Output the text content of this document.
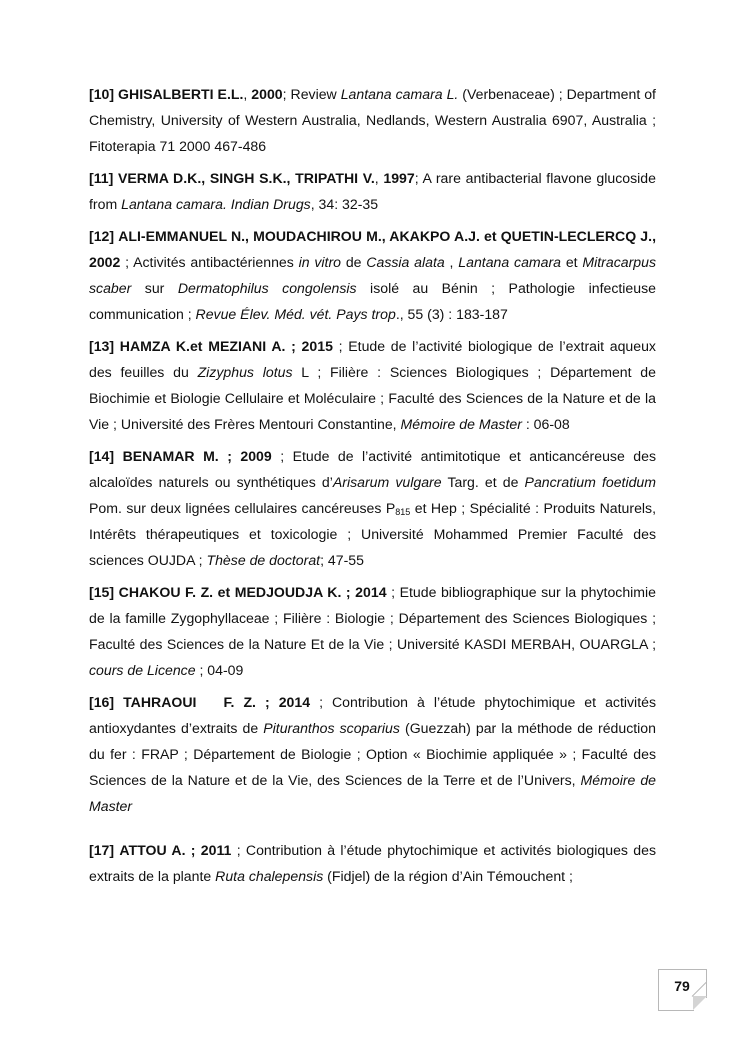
[10] GHISALBERTI E.L., 2000; Review Lantana camara L. (Verbenaceae) ; Department of Chemistry, University of Western Australia, Nedlands, Western Australia 6907, Australia ; Fitoterapia 71 2000 467-486

[11] VERMA D.K., SINGH S.K., TRIPATHI V., 1997; A rare antibacterial flavone glucoside from Lantana camara. Indian Drugs, 34: 32-35

[12] ALI-EMMANUEL N., MOUDACHIROU M., AKAKPO A.J. et QUETIN-LECLERCQ J., 2002 ; Activités antibactériennes in vitro de Cassia alata , Lantana camara et Mitracarpus scaber sur Dermatophilus congolensis isolé au Bénin ; Pathologie infectieuse communication ; Revue Élev. Méd. vét. Pays trop., 55 (3) : 183-187

[13] HAMZA K.et MEZIANI A. ; 2015 ; Etude de l’activité biologique de l’extrait aqueux des feuilles du Zizyphus lotus L ; Filière : Sciences Biologiques ; Département de Biochimie et Biologie Cellulaire et Moléculaire ; Faculté des Sciences de la Nature et de la Vie ; Université des Frères Mentouri Constantine, Mémoire de Master : 06-08

[14] BENAMAR M. ; 2009 ; Etude de l’activité antimitotique et anticancéreuse des alcaloïdes naturels ou synthétiques d’Arisarum vulgare Targ. et de Pancratium foetidum Pom. sur deux lignées cellulaires cancéreuses $P_{815}$ et Hep ; Spécialité : Produits Naturels, Intérêts thérapeutiques et toxicologie ; Université Mohammed Premier Faculté des sciences OUJDA ; Thèse de doctorat; 47-55

[15] CHAKOU F. Z. et MEDJOUDJA K. ; 2014 ; Etude bibliographique sur la phytochimie de la famille Zygophyllaceae ; Filière : Biologie ; Département des Sciences Biologiques ; Faculté des Sciences de la Nature Et de la Vie ; Université KASDI MERBAH, OUARGLA ; cours de Licence ; 04-09

[16] TAHRAOUI   F. Z. ; 2014 ; Contribution à l’étude phytochimique et activités antioxydantes d’extraits de Pituranthos scoparius (Guezzah) par la méthode de réduction du fer : FRAP ; Département de Biologie ; Option « Biochimie appliquée » ; Faculté des Sciences de la Nature et de la Vie, des Sciences de la Terre et de l’Univers, Mémoire de Master

[17] ATTOU A. ; 2011 ; Contribution à l’étude phytochimique et activités biologiques des extraits de la plante Ruta chalepensis (Fidjel) de la région d’Ain Témouchent ;

79
